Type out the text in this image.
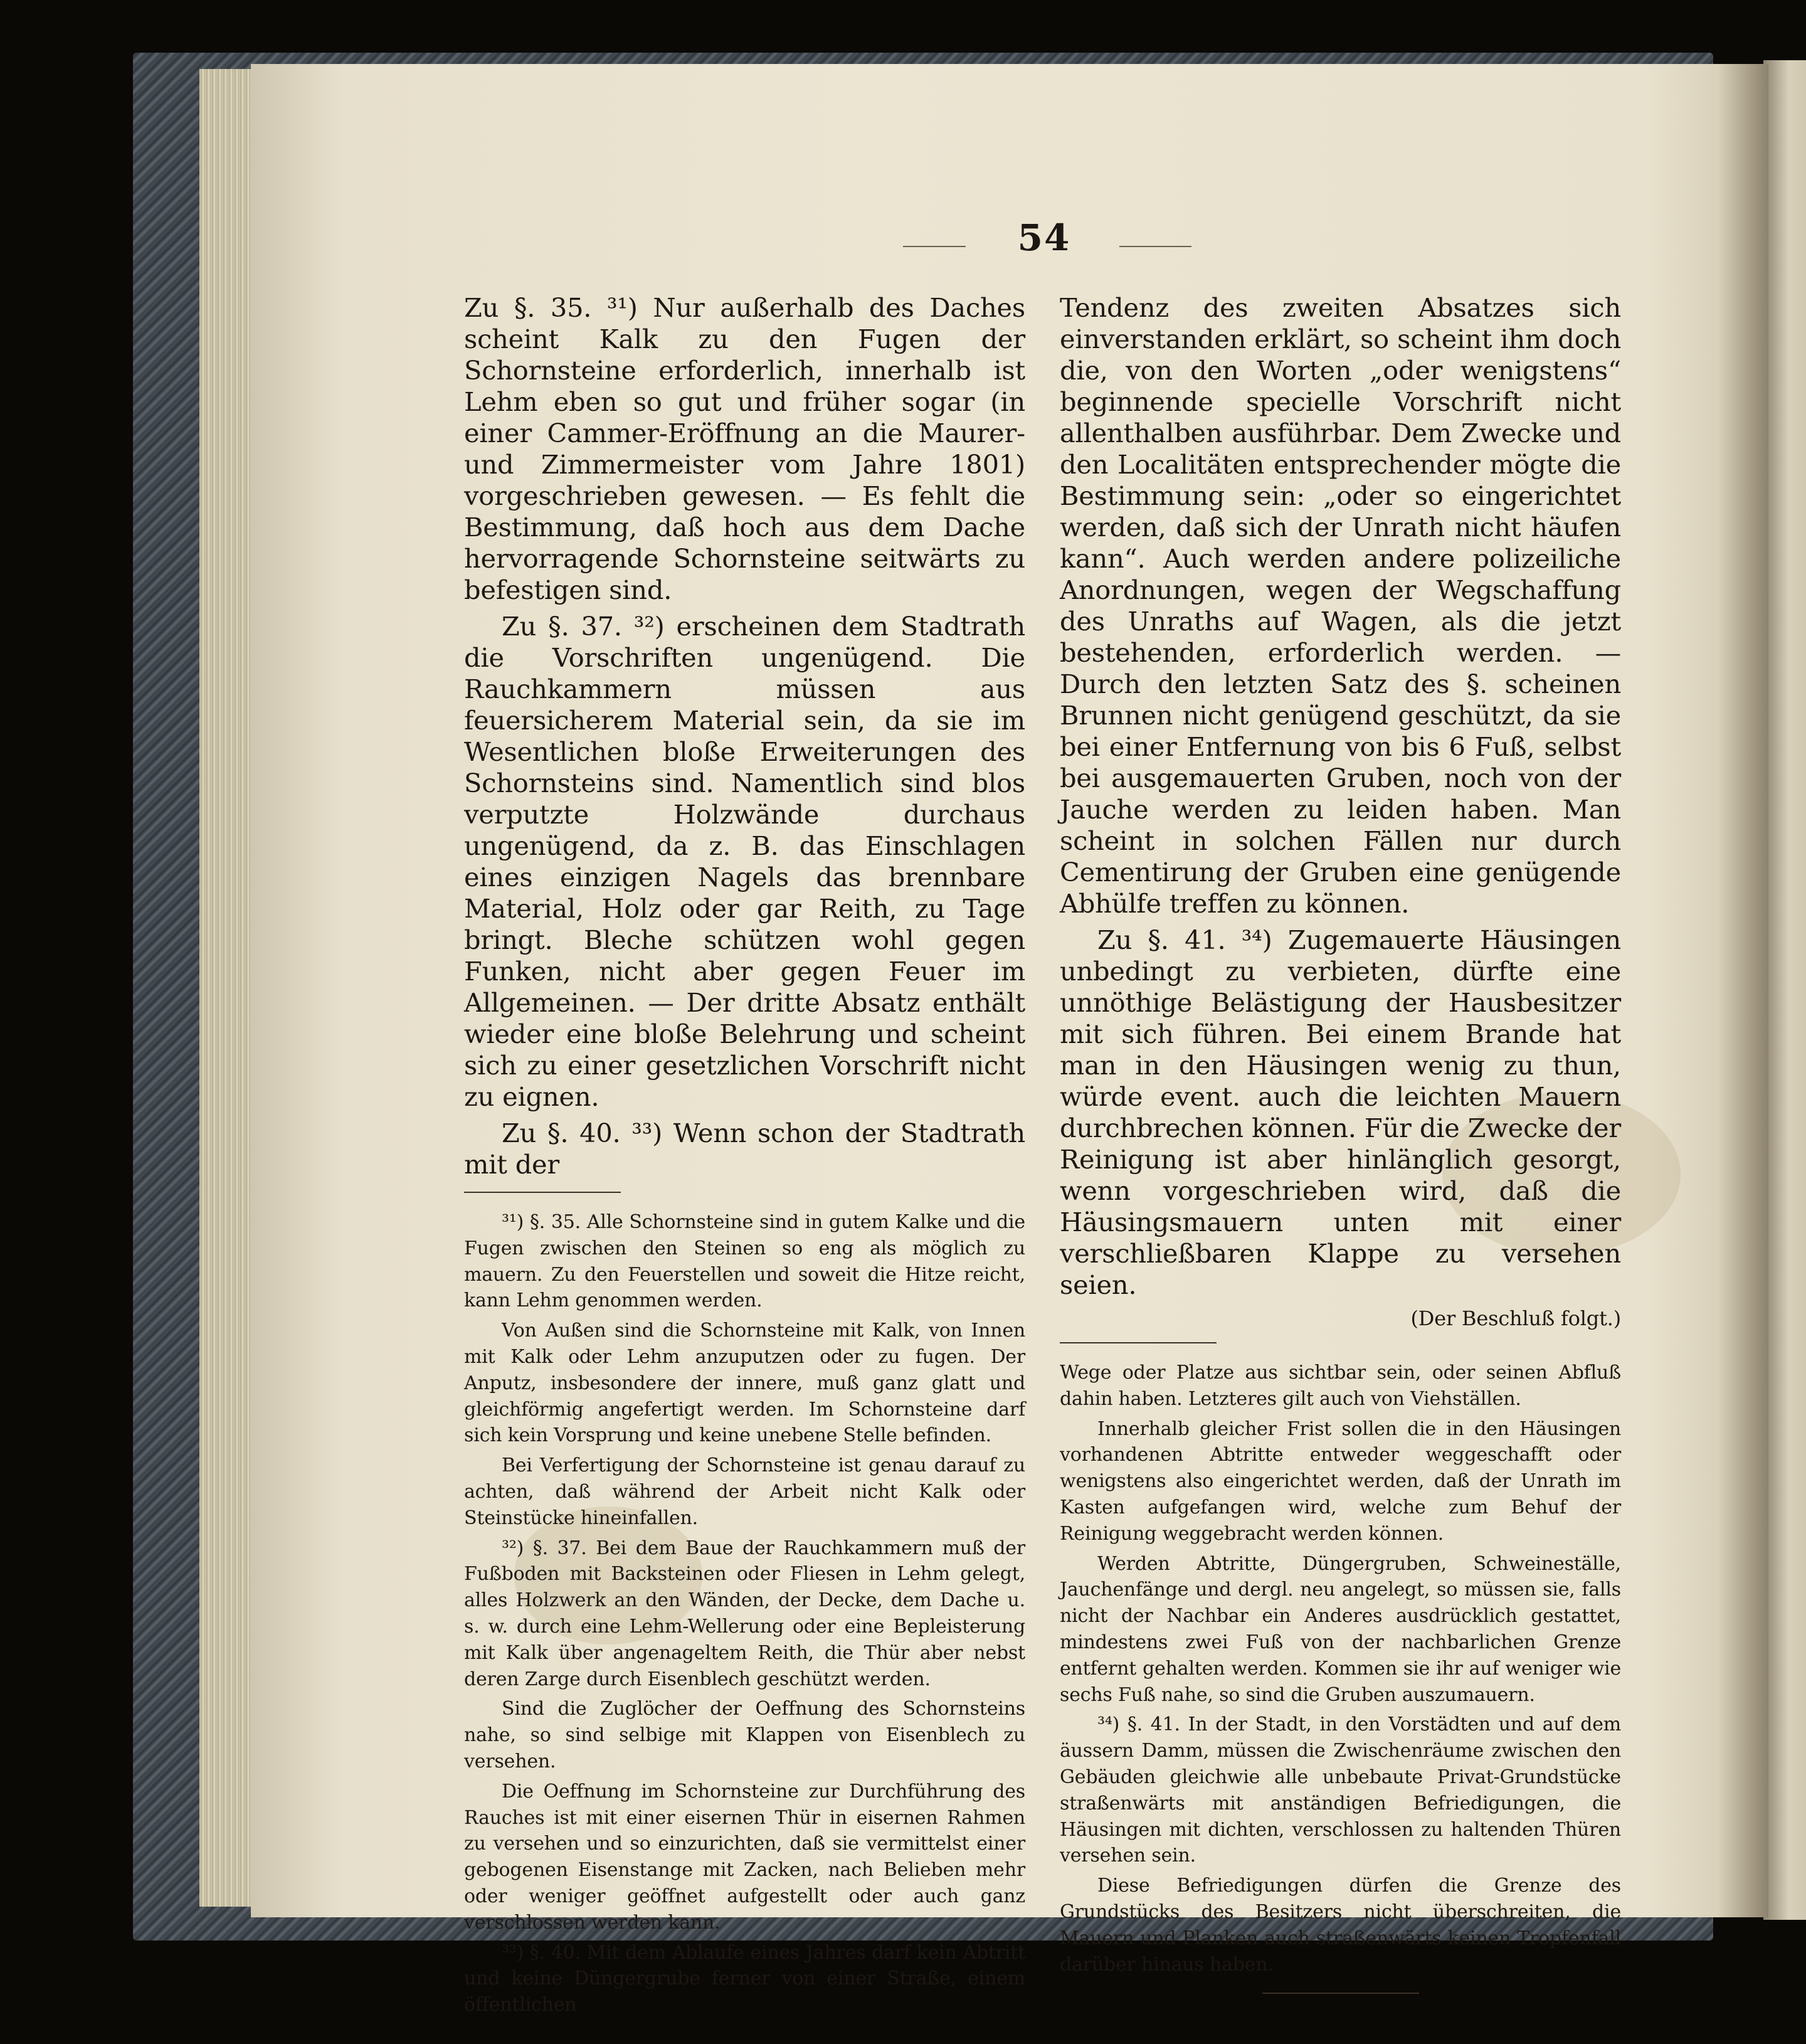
54

Zu §. 35. ³¹) Nur außerhalb des Daches scheint Kalk zu den Fugen der Schornsteine erforderlich, innerhalb ist Lehm eben so gut und früher sogar (in einer Cammer-Eröffnung an die Maurer- und Zimmermeister vom Jahre 1801) vorgeschrieben gewesen. — Es fehlt die Bestimmung, daß hoch aus dem Dache hervorragende Schornsteine seitwärts zu befestigen sind.

Zu §. 37. ³²) erscheinen dem Stadtrath die Vorschriften ungenügend. Die Rauchkammern müssen aus feuersicherem Material sein, da sie im Wesentlichen bloße Erweiterungen des Schornsteins sind. Namentlich sind blos verputzte Holzwände durchaus ungenügend, da z. B. das Einschlagen eines einzigen Nagels das brennbare Material, Holz oder gar Reith, zu Tage bringt. Bleche schützen wohl gegen Funken, nicht aber gegen Feuer im Allgemeinen. — Der dritte Absatz enthält wieder eine bloße Belehrung und scheint sich zu einer gesetzlichen Vorschrift nicht zu eignen.

Zu §. 40. ³³) Wenn schon der Stadtrath mit der

³¹) §. 35. Alle Schornsteine sind in gutem Kalke und die Fugen zwischen den Steinen so eng als möglich zu mauern. Zu den Feuerstellen und soweit die Hitze reicht, kann Lehm genommen werden.

Von Außen sind die Schornsteine mit Kalk, von Innen mit Kalk oder Lehm anzuputzen oder zu fugen. Der Anputz, insbesondere der innere, muß ganz glatt und gleichförmig angefertigt werden. Im Schornsteine darf sich kein Vorsprung und keine unebene Stelle befinden.

Bei Verfertigung der Schornsteine ist genau darauf zu achten, daß während der Arbeit nicht Kalk oder Steinstücke hineinfallen.

³²) §. 37. Bei dem Baue der Rauchkammern muß der Fußboden mit Backsteinen oder Fliesen in Lehm gelegt, alles Holzwerk an den Wänden, der Decke, dem Dache u. s. w. durch eine Lehm-Wellerung oder eine Bepleisterung mit Kalk über angenageltem Reith, die Thür aber nebst deren Zarge durch Eisenblech geschützt werden.

Sind die Zuglöcher der Oeffnung des Schornsteins nahe, so sind selbige mit Klappen von Eisenblech zu versehen.

Die Oeffnung im Schornsteine zur Durchführung des Rauches ist mit einer eisernen Thür in eisernen Rahmen zu versehen und so einzurichten, daß sie vermittelst einer gebogenen Eisenstange mit Zacken, nach Belieben mehr oder weniger geöffnet aufgestellt oder auch ganz verschlossen werden kann.

³³) §. 40. Mit dem Ablaufe eines Jahres darf kein Abtritt und keine Düngergrube ferner von einer Straße, einem öffentlichen

Tendenz des zweiten Absatzes sich einverstanden erklärt, so scheint ihm doch die, von den Worten „oder wenigstens“ beginnende specielle Vorschrift nicht allenthalben ausführbar. Dem Zwecke und den Localitäten entsprechender mögte die Bestimmung sein: „oder so eingerichtet werden, daß sich der Unrath nicht häufen kann“. Auch werden andere polizeiliche Anordnungen, wegen der Wegschaffung des Unraths auf Wagen, als die jetzt bestehenden, erforderlich werden. — Durch den letzten Satz des §. scheinen Brunnen nicht genügend geschützt, da sie bei einer Entfernung von bis 6 Fuß, selbst bei ausgemauerten Gruben, noch von der Jauche werden zu leiden haben. Man scheint in solchen Fällen nur durch Cementirung der Gruben eine genügende Abhülfe treffen zu können.

Zu §. 41. ³⁴) Zugemauerte Häusingen unbedingt zu verbieten, dürfte eine unnöthige Belästigung der Hausbesitzer mit sich führen. Bei einem Brande hat man in den Häusingen wenig zu thun, würde event. auch die leichten Mauern durchbrechen können. Für die Zwecke der Reinigung ist aber hinlänglich gesorgt, wenn vorgeschrieben wird, daß die Häusingsmauern unten mit einer verschließbaren Klappe zu versehen seien.

(Der Beschluß folgt.)

Wege oder Platze aus sichtbar sein, oder seinen Abfluß dahin haben. Letzteres gilt auch von Viehställen.

Innerhalb gleicher Frist sollen die in den Häusingen vorhandenen Abtritte entweder weggeschafft oder wenigstens also eingerichtet werden, daß der Unrath im Kasten aufgefangen wird, welche zum Behuf der Reinigung weggebracht werden können.

Werden Abtritte, Düngergruben, Schweineställe, Jauchenfänge und dergl. neu angelegt, so müssen sie, falls nicht der Nachbar ein Anderes ausdrücklich gestattet, mindestens zwei Fuß von der nachbarlichen Grenze entfernt gehalten werden. Kommen sie ihr auf weniger wie sechs Fuß nahe, so sind die Gruben auszumauern.

³⁴) §. 41. In der Stadt, in den Vorstädten und auf dem äussern Damm, müssen die Zwischenräume zwischen den Gebäuden gleichwie alle unbebaute Privat-Grundstücke straßenwärts mit anständigen Befriedigungen, die Häusingen mit dichten, verschlossen zu haltenden Thüren versehen sein.

Diese Befriedigungen dürfen die Grenze des Grundstücks des Besitzers nicht überschreiten, die Mauern und Planken auch straßenwärts keinen Tropfenfall darüber hinaus haben.
